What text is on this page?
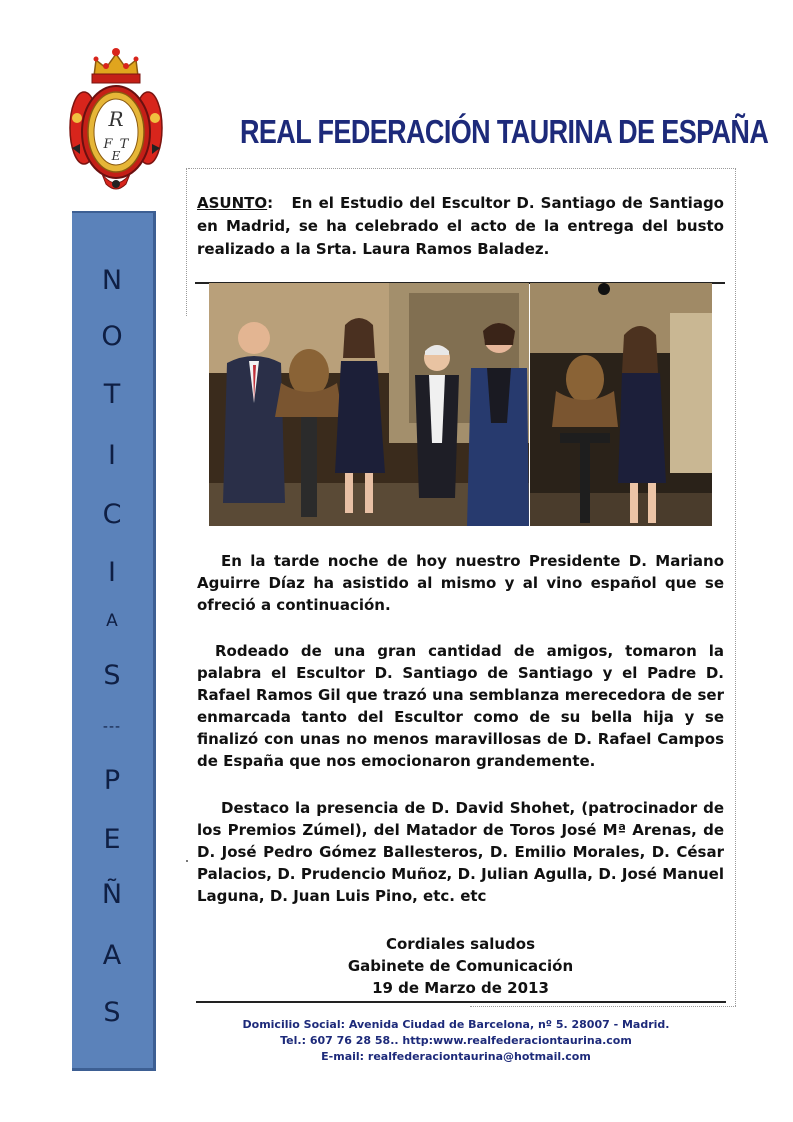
R
F T
E
REAL FEDERACIÓN TAURINA DE ESPAÑA
N
O
T
I
C
I
A
S
---
P
E
Ñ
A
S
ASUNTO: En el Estudio del Escultor D. Santiago de Santiago en Madrid, se ha celebrado el acto de la entrega del busto realizado a la Srta. Laura Ramos Baladez.
En la tarde noche de hoy nuestro Presidente D. Mariano Aguirre Díaz ha asistido al mismo y al vino español que se ofreció a continuación.
Rodeado de una gran cantidad de amigos, tomaron la palabra el Escultor D. Santiago de Santiago y el Padre D. Rafael Ramos Gil que trazó una semblanza merecedora de ser enmarcada tanto del Escultor como de su bella hija y se finalizó con unas no menos maravillosas de D. Rafael Campos de España que nos emocionaron grandemente.
Destaco la presencia de D. David Shohet, (patrocinador de los Premios Zúmel), del Matador de Toros José Mª Arenas, de D. José Pedro Gómez Ballesteros, D. Emilio Morales, D. César Palacios, D. Prudencio Muñoz, D. Julian Agulla, D. José Manuel Laguna, D. Juan Luis Pino, etc. etc
Cordiales saludos
Gabinete de Comunicación
19 de Marzo de 2013
Domicilio Social: Avenida Ciudad de Barcelona, nº 5. 28007 - Madrid.
Tel.: 607 76 28 58.. http:www.realfederaciontaurina.com
E-mail: realfederaciontaurina@hotmail.com
